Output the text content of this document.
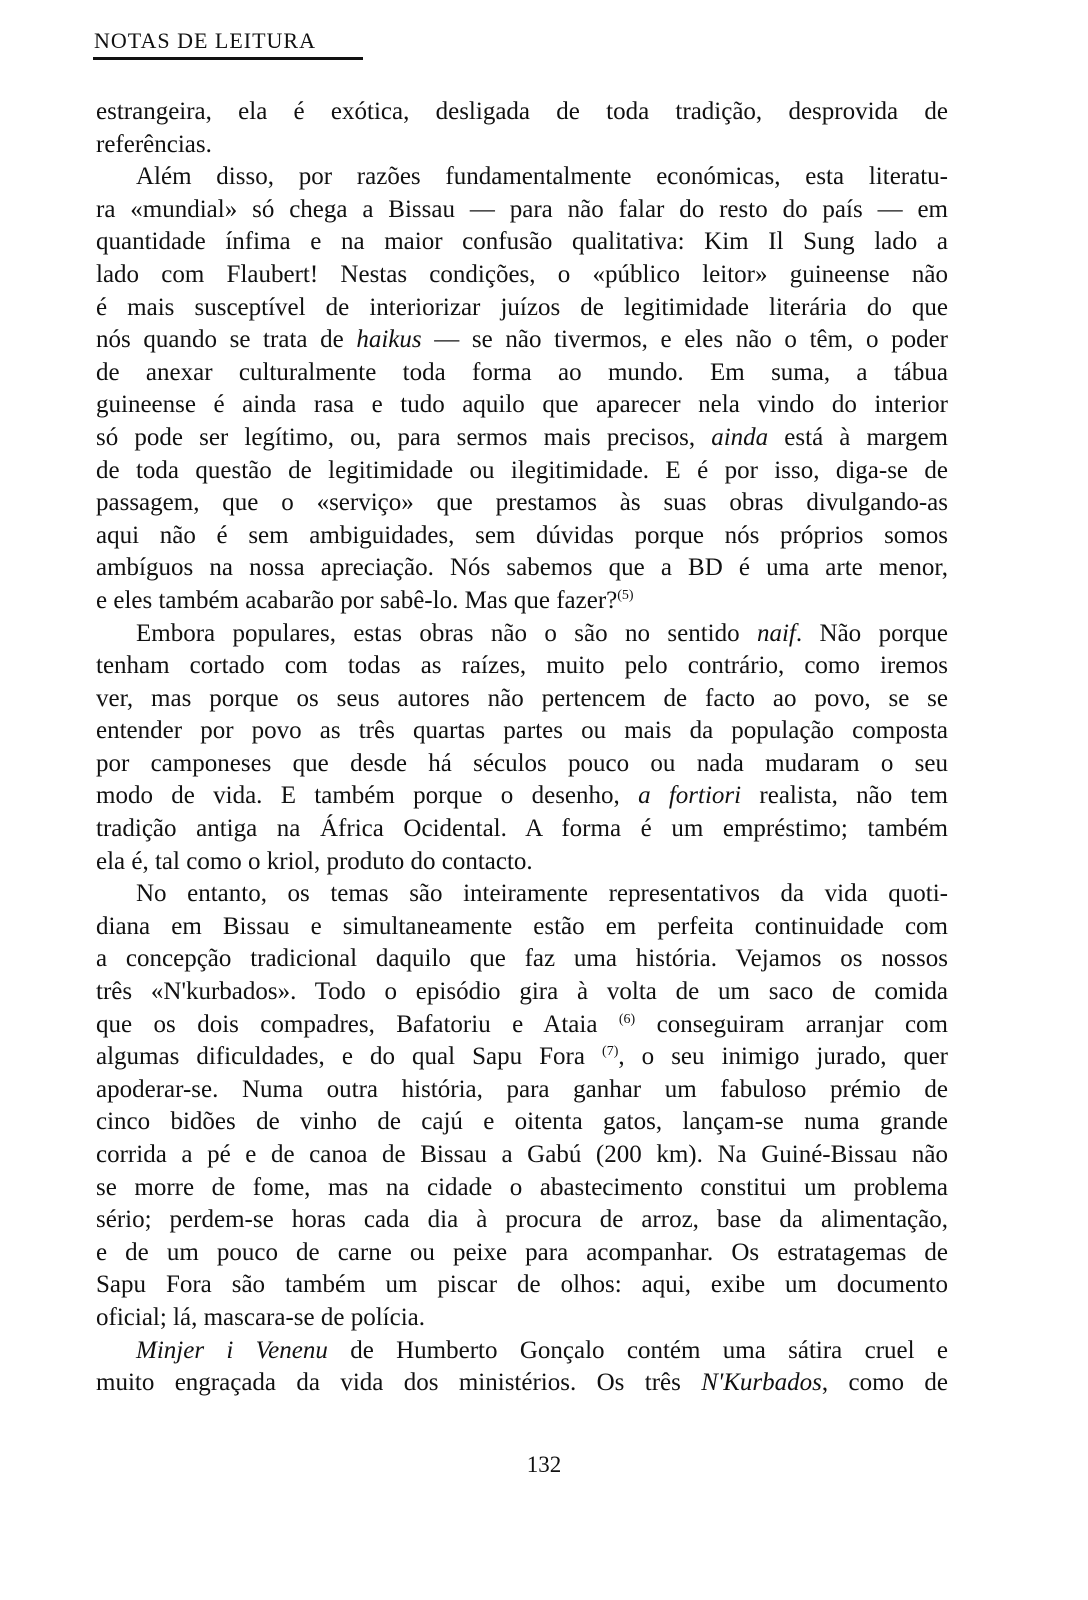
NOTAS DE LEITURA
estrangeira, ela é exótica, desligada de toda tradição, desprovida de
referências.
Além disso, por razões fundamentalmente económicas, esta literatu-
ra «mundial» só chega a Bissau — para não falar do resto do país — em
quantidade ínfima e na maior confusão qualitativa: Kim Il Sung lado a
lado com Flaubert! Nestas condições, o «público leitor» guineense não
é mais susceptível de interiorizar juízos de legitimidade literária do que
nós quando se trata de haikus — se não tivermos, e eles não o têm, o poder
de anexar culturalmente toda forma ao mundo. Em suma, a tábua
guineense é ainda rasa e tudo aquilo que aparecer nela vindo do interior
só pode ser legítimo, ou, para sermos mais precisos, ainda está à margem
de toda questão de legitimidade ou ilegitimidade. E é por isso, diga-se de
passagem, que o «serviço» que prestamos às suas obras divulgando-as
aqui não é sem ambiguidades, sem dúvidas porque nós próprios somos
ambíguos na nossa apreciação. Nós sabemos que a BD é uma arte menor,
e eles também acabarão por sabê-lo. Mas que fazer?$^{(5)}$
Embora populares, estas obras não o são no sentido naif. Não porque
tenham cortado com todas as raízes, muito pelo contrário, como iremos
ver, mas porque os seus autores não pertencem de facto ao povo, se se
entender por povo as três quartas partes ou mais da população composta
por camponeses que desde há séculos pouco ou nada mudaram o seu
modo de vida. E também porque o desenho, a fortiori realista, não tem
tradição antiga na África Ocidental. A forma é um empréstimo; também
ela é, tal como o kriol, produto do contacto.
No entanto, os temas são inteiramente representativos da vida quoti-
diana em Bissau e simultaneamente estão em perfeita continuidade com
a concepção tradicional daquilo que faz uma história. Vejamos os nossos
três «N'kurbados». Todo o episódio gira à volta de um saco de comida
que os dois compadres, Bafatoriu e Ataia $^{(6)}$ conseguiram arranjar com
algumas dificuldades, e do qual Sapu Fora $^{(7)}$, o seu inimigo jurado, quer
apoderar-se. Numa outra história, para ganhar um fabuloso prémio de
cinco bidões de vinho de cajú e oitenta gatos, lançam-se numa grande
corrida a pé e de canoa de Bissau a Gabú (200 km). Na Guiné-Bissau não
se morre de fome, mas na cidade o abastecimento constitui um problema
sério; perdem-se horas cada dia à procura de arroz, base da alimentação,
e de um pouco de carne ou peixe para acompanhar. Os estratagemas de
Sapu Fora são também um piscar de olhos: aqui, exibe um documento
oficial; lá, mascara-se de polícia.
Minjer i Venenu de Humberto Gonçalo contém uma sátira cruel e
muito engraçada da vida dos ministérios. Os três N'Kurbados, como de
132
